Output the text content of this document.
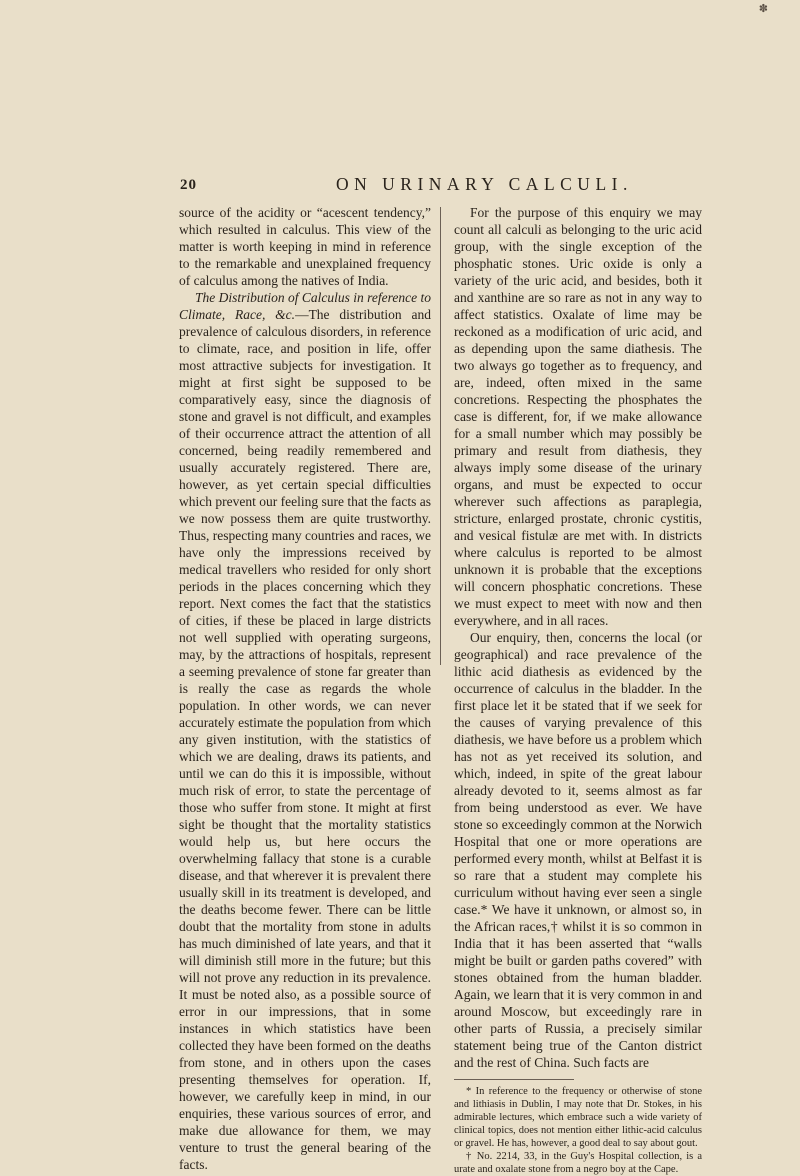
✽
20	ON URINARY CALCULI.

source of the acidity or “acescent tendency,” which resulted in calculus. This view of the matter is worth keeping in mind in reference to the remarkable and unexplained frequency of calculus among the natives of India.

The Distribution of Calculus in reference to Climate, Race, &c.—The distribution and prevalence of calculous disorders, in reference to climate, race, and position in life, offer most attractive subjects for investigation. It might at first sight be supposed to be comparatively easy, since the diagnosis of stone and gravel is not difficult, and examples of their occurrence attract the attention of all concerned, being readily remembered and usually accurately registered. There are, however, as yet certain special difficulties which prevent our feeling sure that the facts as we now possess them are quite trustworthy. Thus, respecting many countries and races, we have only the impressions received by medical travellers who resided for only short periods in the places concerning which they report. Next comes the fact that the statistics of cities, if these be placed in large districts not well supplied with operating surgeons, may, by the attractions of hospitals, represent a seeming prevalence of stone far greater than is really the case as regards the whole population. In other words, we can never accurately estimate the population from which any given institution, with the statistics of which we are dealing, draws its patients, and until we can do this it is impossible, without much risk of error, to state the percentage of those who suffer from stone. It might at first sight be thought that the mortality statistics would help us, but here occurs the overwhelming fallacy that stone is a curable disease, and that wherever it is prevalent there usually skill in its treatment is developed, and the deaths become fewer. There can be little doubt that the mortality from stone in adults has much diminished of late years, and that it will diminish still more in the future; but this will not prove any reduction in its prevalence. It must be noted also, as a possible source of error in our impressions, that in some instances in which statistics have been collected they have been formed on the deaths from stone, and in others upon the cases presenting themselves for operation. If, however, we carefully keep in mind, in our enquiries, these various sources of error, and make due allowance for them, we may venture to trust the general bearing of the facts.

For the purpose of this enquiry we may count all calculi as belonging to the uric acid group, with the single exception of the phosphatic stones. Uric oxide is only a variety of the uric acid, and besides, both it and xanthine are so rare as not in any way to affect statistics. Oxalate of lime may be reckoned as a modification of uric acid, and as depending upon the same diathesis. The two always go together as to frequency, and are, indeed, often mixed in the same concretions. Respecting the phosphates the case is different, for, if we make allowance for a small number which may possibly be primary and result from diathesis, they always imply some disease of the urinary organs, and must be expected to occur wherever such affections as paraplegia, stricture, enlarged prostate, chronic cystitis, and vesical fistulæ are met with. In districts where calculus is reported to be almost unknown it is probable that the exceptions will concern phosphatic concretions. These we must expect to meet with now and then everywhere, and in all races.

Our enquiry, then, concerns the local (or geographical) and race prevalence of the lithic acid diathesis as evidenced by the occurrence of calculus in the bladder. In the first place let it be stated that if we seek for the causes of varying prevalence of this diathesis, we have before us a problem which has not as yet received its solution, and which, indeed, in spite of the great labour already devoted to it, seems almost as far from being understood as ever. We have stone so exceedingly common at the Norwich Hospital that one or more operations are performed every month, whilst at Belfast it is so rare that a student may complete his curriculum without having ever seen a single case.* We have it unknown, or almost so, in the African races,† whilst it is so common in India that it has been asserted that “walls might be built or garden paths covered” with stones obtained from the human bladder. Again, we learn that it is very common in and around Moscow, but exceedingly rare in other parts of Russia, a precisely similar statement being true of the Canton district and the rest of China. Such facts are

* In reference to the frequency or otherwise of stone and lithiasis in Dublin, I may note that Dr. Stokes, in his admirable lectures, which embrace such a wide variety of clinical topics, does not mention either lithic-acid calculus or gravel. He has, however, a good deal to say about gout.

† No. 2214, 33, in the Guy's Hospital collection, is a urate and oxalate stone from a negro boy at the Cape.
